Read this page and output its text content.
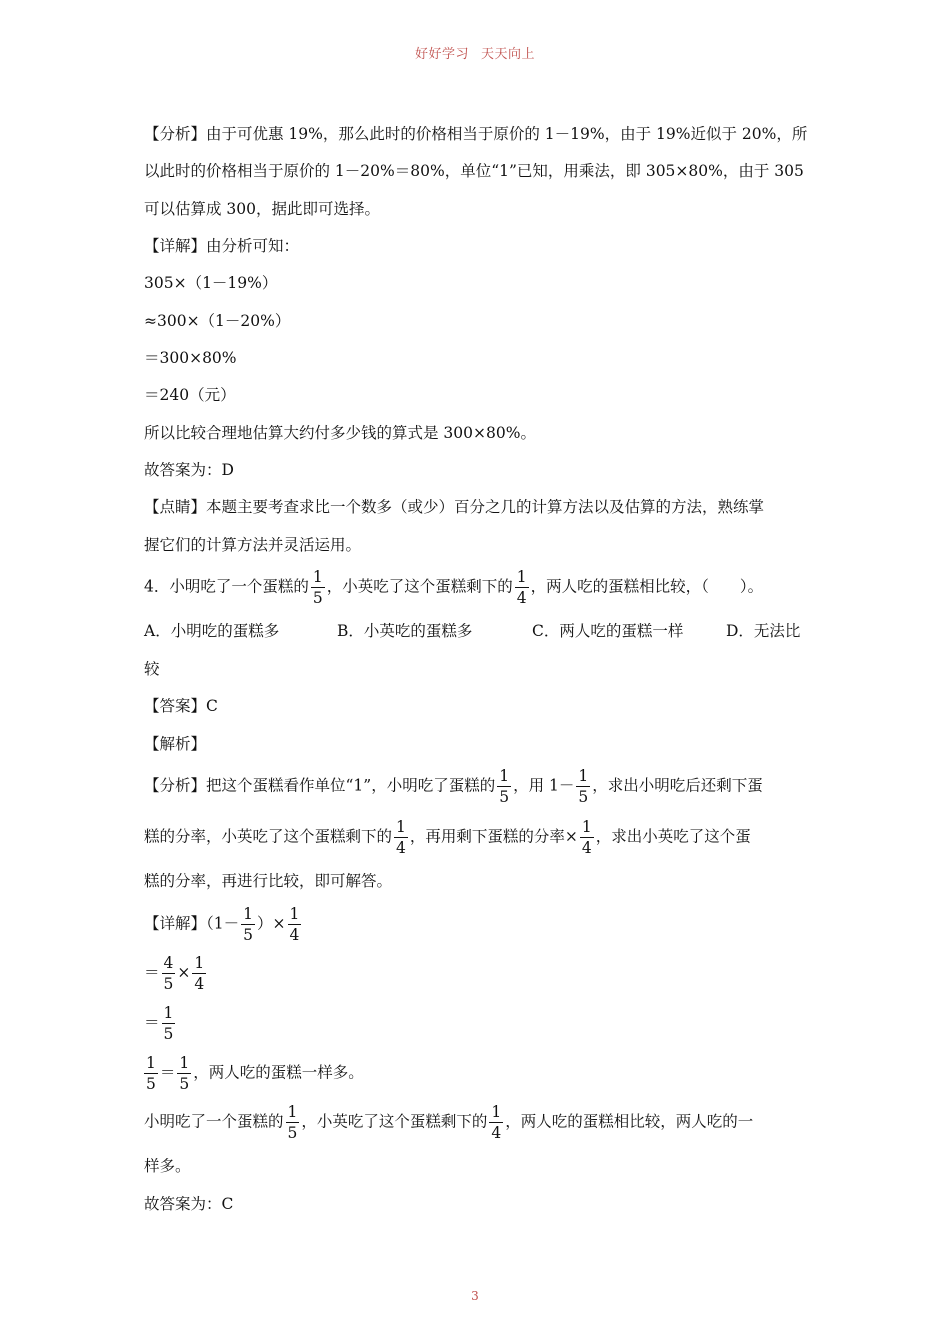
好好学习 天天向上
【分析】由于可优惠 19%，那么此时的价格相当于原价的 1－19%，由于 19%近似于 20%，所
以此时的价格相当于原价的 1－20%＝80%，单位“1”已知，用乘法，即 305×80%，由于 305
可以估算成 300，据此即可选择。
【详解】由分析可知：
305×（1－19%）
≈300×（1－20%）
＝300×80%
＝240（元）
所以比较合理地估算大约付多少钱的算式是 300×80%。
故答案为：D
【点睛】本题主要考查求比一个数多（或少）百分之几的计算方法以及估算的方法，熟练掌
握它们的计算方法并灵活运用。
4．小明吃了一个蛋糕的 $\frac{1}{5}$ ，小英吃了这个蛋糕剩下的 $\frac{1}{4}$ ，两人吃的蛋糕相比较，（　　）。
A．小明吃的蛋糕多	B．小英吃的蛋糕多	C．两人吃的蛋糕一样	D．无法比
较
【答案】C
【解析】
【分析】把这个蛋糕看作单位“1”，小明吃了蛋糕的 $\frac{1}{5}$ ，用 $1- \frac{1}{5}$ ，求出小明吃后还剩下蛋
糕的分率，小英吃了这个蛋糕剩下的 $\frac{1}{4}$ ，再用剩下蛋糕的分率× $\frac{1}{4}$ ，求出小英吃了这个蛋
糕的分率，再进行比较，即可解答。
【详解】（$1- \frac{1}{5}$ ）× $\frac{1}{4}$
＝ $\frac{4}{5} \times \frac{1}{4}$
＝ $\frac{1}{5}$
$\frac{1}{5} = \frac{1}{5}$ ，两人吃的蛋糕一样多。
小明吃了一个蛋糕的 $\frac{1}{5}$ ，小英吃了这个蛋糕剩下的 $\frac{1}{4}$ ，两人吃的蛋糕相比较，两人吃的一
样多。
故答案为：C
3
